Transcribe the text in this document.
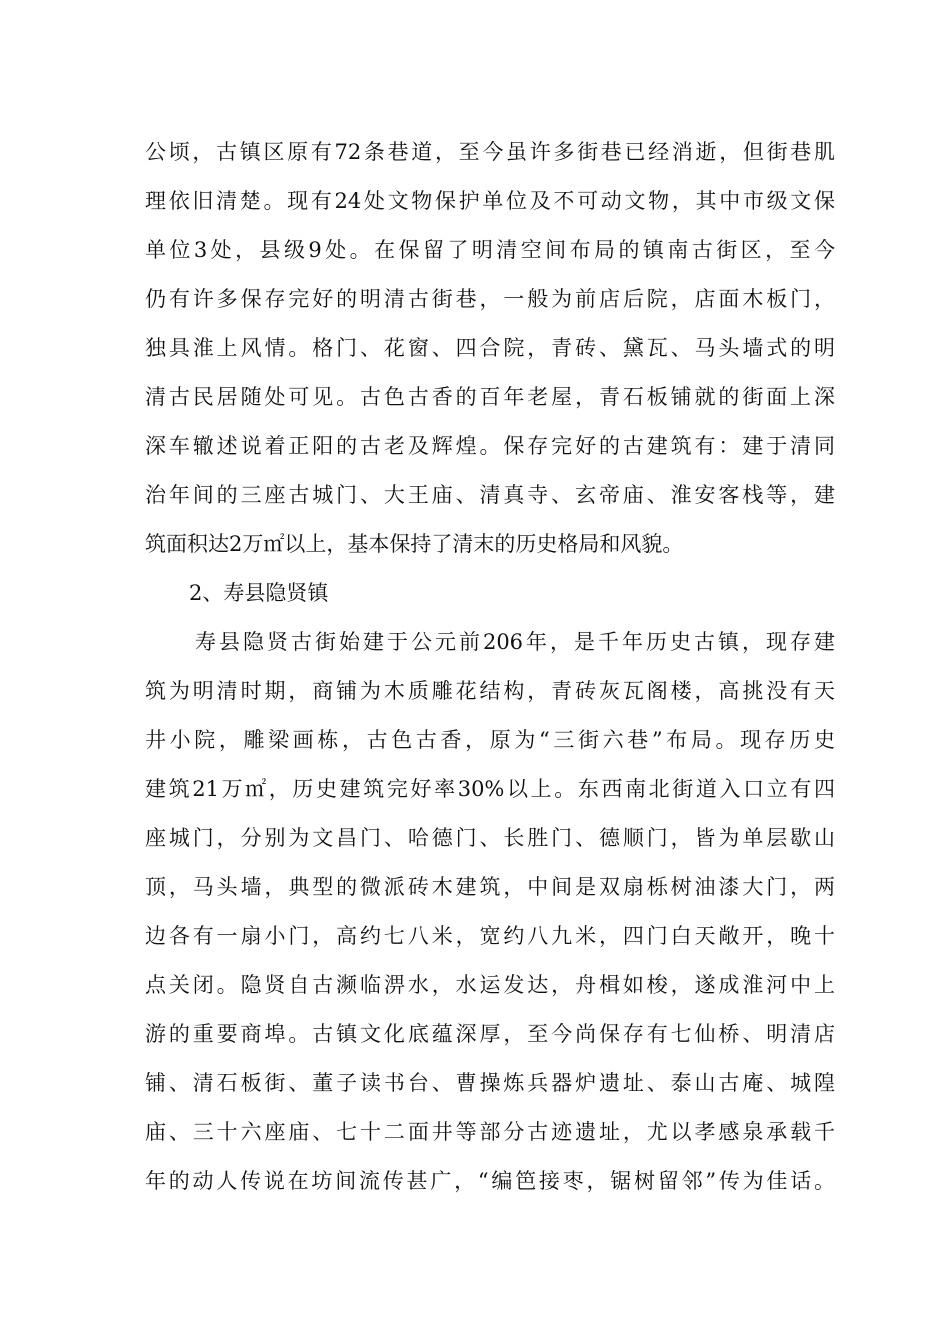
公顷，古镇区原有72条巷道，至今虽许多街巷已经消逝，但街巷肌
理依旧清楚。现有24处文物保护单位及不可动文物，其中市级文保
单位3处，县级9处。在保留了明清空间布局的镇南古街区，至今
仍有许多保存完好的明清古街巷，一般为前店后院，店面木板门，
独具淮上风情。格门、花窗、四合院，青砖、黛瓦、马头墙式的明
清古民居随处可见。古色古香的百年老屋，青石板铺就的街面上深
深车辙述说着正阳的古老及辉煌。保存完好的古建筑有：建于清同
治年间的三座古城门、大王庙、清真寺、玄帝庙、淮安客栈等，建
筑面积达2万㎡以上，基本保持了清末的历史格局和风貌。
2、寿县隐贤镇
寿县隐贤古街始建于公元前206年，是千年历史古镇，现存建
筑为明清时期，商铺为木质雕花结构，青砖灰瓦阁楼，高挑没有天
井小院，雕梁画栋，古色古香，原为“三街六巷”布局。现存历史
建筑21万㎡，历史建筑完好率30%以上。东西南北街道入口立有四
座城门，分别为文昌门、哈德门、长胜门、德顺门，皆为单层歇山
顶，马头墙，典型的微派砖木建筑，中间是双扇栎树油漆大门，两
边各有一扇小门，高约七八米，宽约八九米，四门白天敞开，晚十
点关闭。隐贤自古濒临淠水，水运发达，舟楫如梭，遂成淮河中上
游的重要商埠。古镇文化底蕴深厚，至今尚保存有七仙桥、明清店
铺、清石板街、董子读书台、曹操炼兵器炉遗址、泰山古庵、城隍
庙、三十六座庙、七十二面井等部分古迹遗址，尤以孝感泉承载千
年的动人传说在坊间流传甚广，“编笆接枣，锯树留邻”传为佳话。
